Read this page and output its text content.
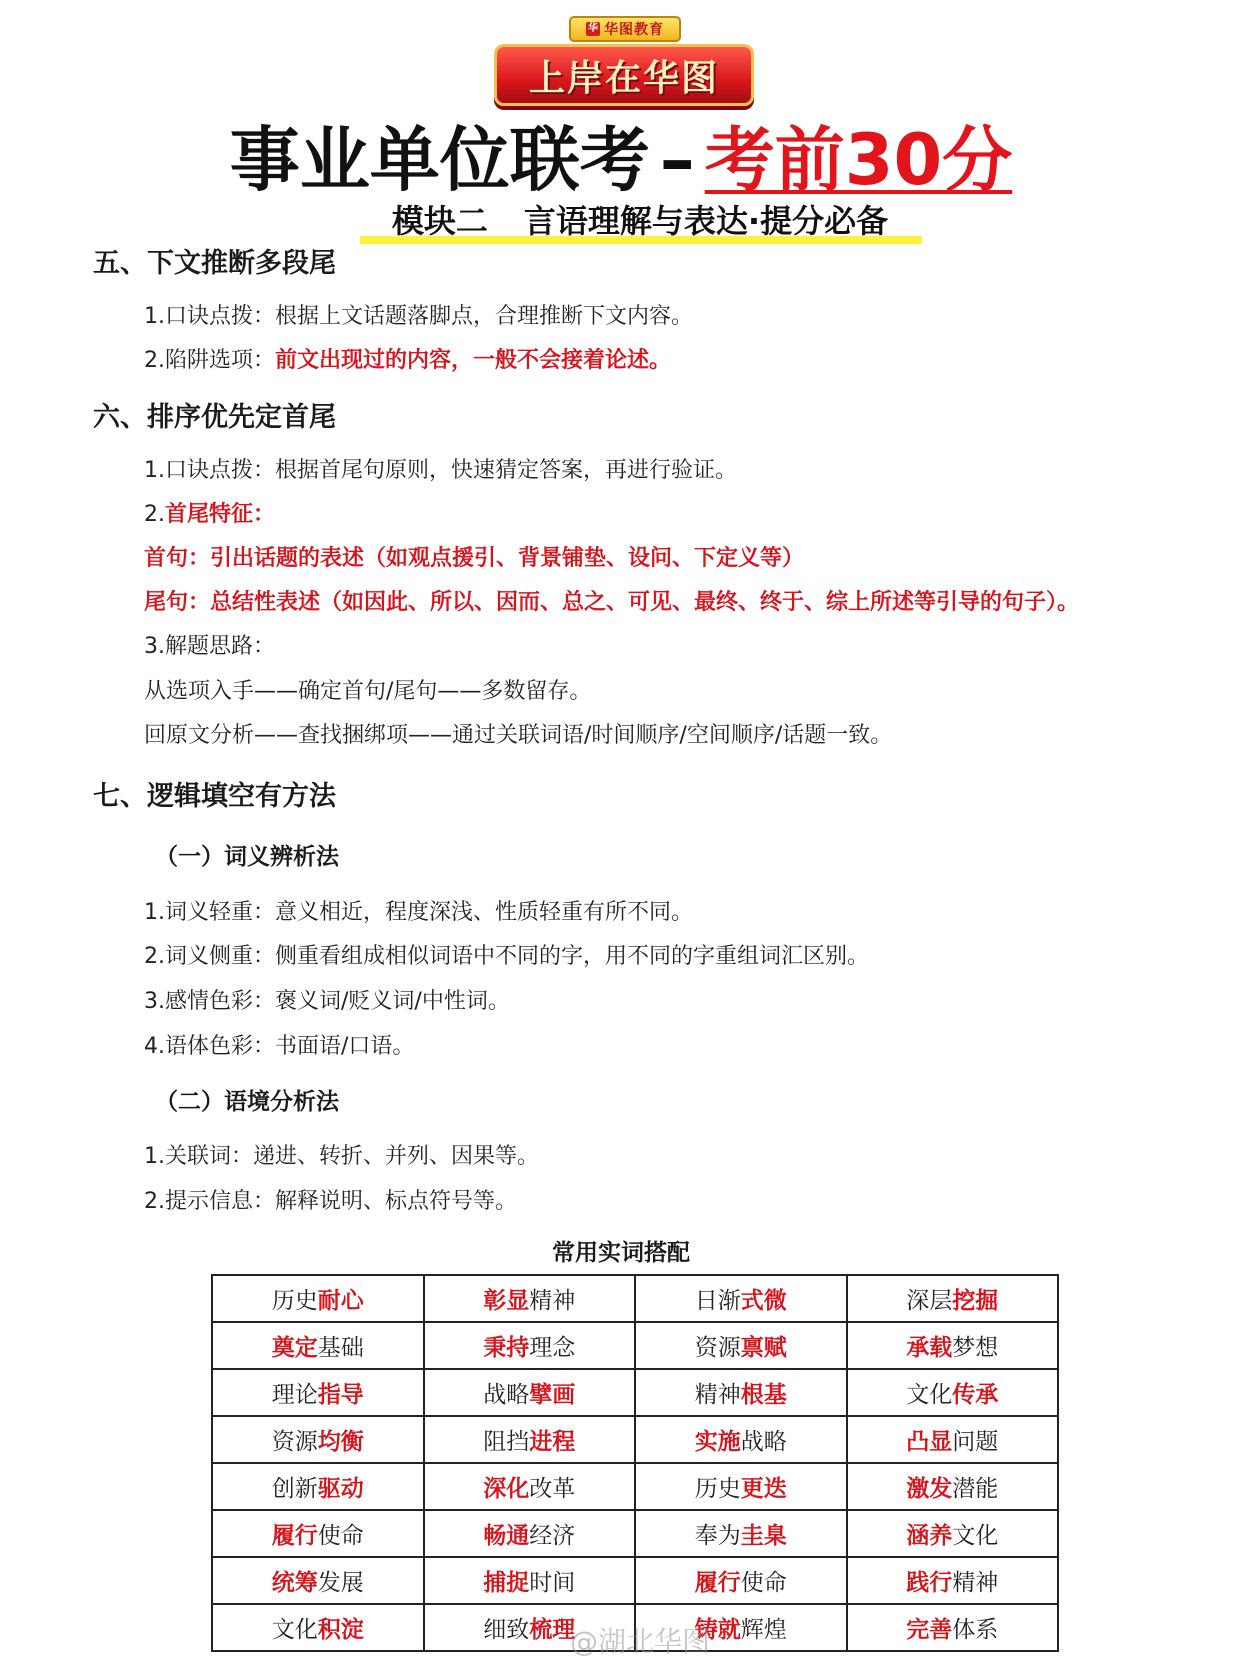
华 华图教育
上岸在华图
事业单位联考 – 考前30分
模块二 言语理解与表达·提分必备
五、下文推断多段尾
1.口诀点拨：根据上文话题落脚点，合理推断下文内容。
2.陷阱选项：前文出现过的内容，一般不会接着论述。
六、排序优先定首尾
1.口诀点拨：根据首尾句原则，快速猜定答案，再进行验证。
2.首尾特征：
首句：引出话题的表述（如观点援引、背景铺垫、设问、下定义等）
尾句：总结性表述（如因此、所以、因而、总之、可见、最终、终于、综上所述等引导的句子）。
3.解题思路：
从选项入手——确定首句/尾句——多数留存。
回原文分析——查找捆绑项——通过关联词语/时间顺序/空间顺序/话题一致。
七、逻辑填空有方法
（一）词义辨析法
1.词义轻重：意义相近，程度深浅、性质轻重有所不同。
2.词义侧重：侧重看组成相似词语中不同的字，用不同的字重组词汇区别。
3.感情色彩：褒义词/贬义词/中性词。
4.语体色彩：书面语/口语。
（二）语境分析法
1.关联词：递进、转折、并列、因果等。
2.提示信息：解释说明、标点符号等。
常用实词搭配
历史耐心	彰显精神	日渐式微	深层挖掘
奠定基础	秉持理念	资源禀赋	承载梦想
理论指导	战略擘画	精神根基	文化传承
资源均衡	阻挡进程	实施战略	凸显问题
创新驱动	深化改革	历史更迭	激发潜能
履行使命	畅通经济	奉为圭臬	涵养文化
统筹发展	捕捉时间	履行使命	践行精神
文化积淀	细致梳理	铸就辉煌	完善体系
@湖北华图
